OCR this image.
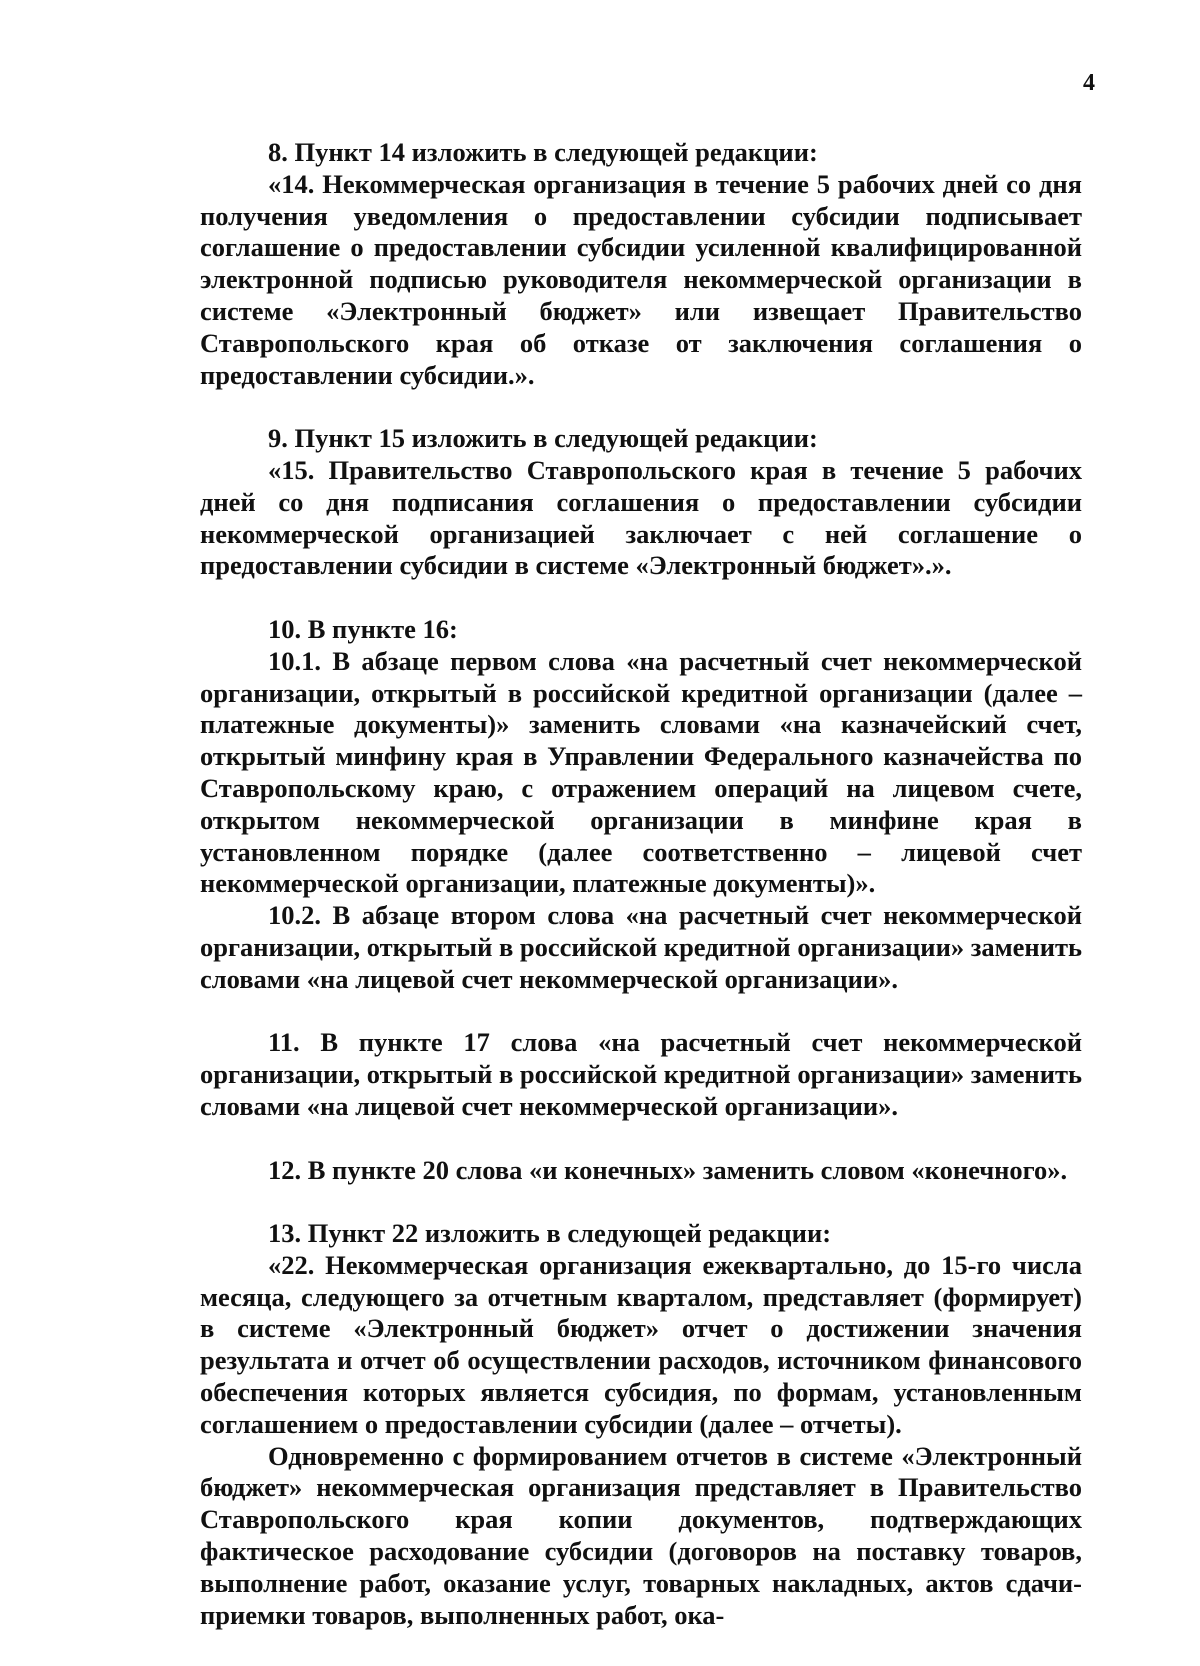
4

8. Пункт 14 изложить в следующей редакции:

«14. Некоммерческая организация в течение 5 рабочих дней со дня получения уведомления о предоставлении субсидии подписывает соглашение о предоставлении субсидии усиленной квалифицированной электронной подписью руководителя некоммерческой организации в системе «Электронный бюджет» или извещает Правительство Ставропольского края об отказе от заключения соглашения о предоставлении субсидии.».

9. Пункт 15 изложить в следующей редакции:

«15. Правительство Ставропольского края в течение 5 рабочих дней со дня подписания соглашения о предоставлении субсидии некоммерческой организацией заключает с ней соглашение о предоставлении субсидии в системе «Электронный бюджет».».

10. В пункте 16:

10.1. В абзаце первом слова «на расчетный счет некоммерческой организации, открытый в российской кредитной организации (далее – платежные документы)» заменить словами «на казначейский счет, открытый минфину края в Управлении Федерального казначейства по Ставропольскому краю, с отражением операций на лицевом счете, открытом некоммерческой организации в минфине края в установленном порядке (далее соответственно – лицевой счет некоммерческой организации, платежные документы)».

10.2. В абзаце втором слова «на расчетный счет некоммерческой организации, открытый в российской кредитной организации» заменить словами «на лицевой счет некоммерческой организации».

11. В пункте 17 слова «на расчетный счет некоммерческой организации, открытый в российской кредитной организации» заменить словами «на лицевой счет некоммерческой организации».

12. В пункте 20 слова «и конечных» заменить словом «конечного».

13. Пункт 22 изложить в следующей редакции:

«22. Некоммерческая организация ежеквартально, до 15-го числа месяца, следующего за отчетным кварталом, представляет (формирует) в системе «Электронный бюджет» отчет о достижении значения результата и отчет об осуществлении расходов, источником финансового обеспечения которых является субсидия, по формам, установленным соглашением о предоставлении субсидии (далее – отчеты).

Одновременно с формированием отчетов в системе «Электронный бюджет» некоммерческая организация представляет в Правительство Ставропольского края копии документов, подтверждающих фактическое расходование субсидии (договоров на поставку товаров, выполнение работ, оказание услуг, товарных накладных, актов сдачи-приемки товаров, выполненных работ, ока-
